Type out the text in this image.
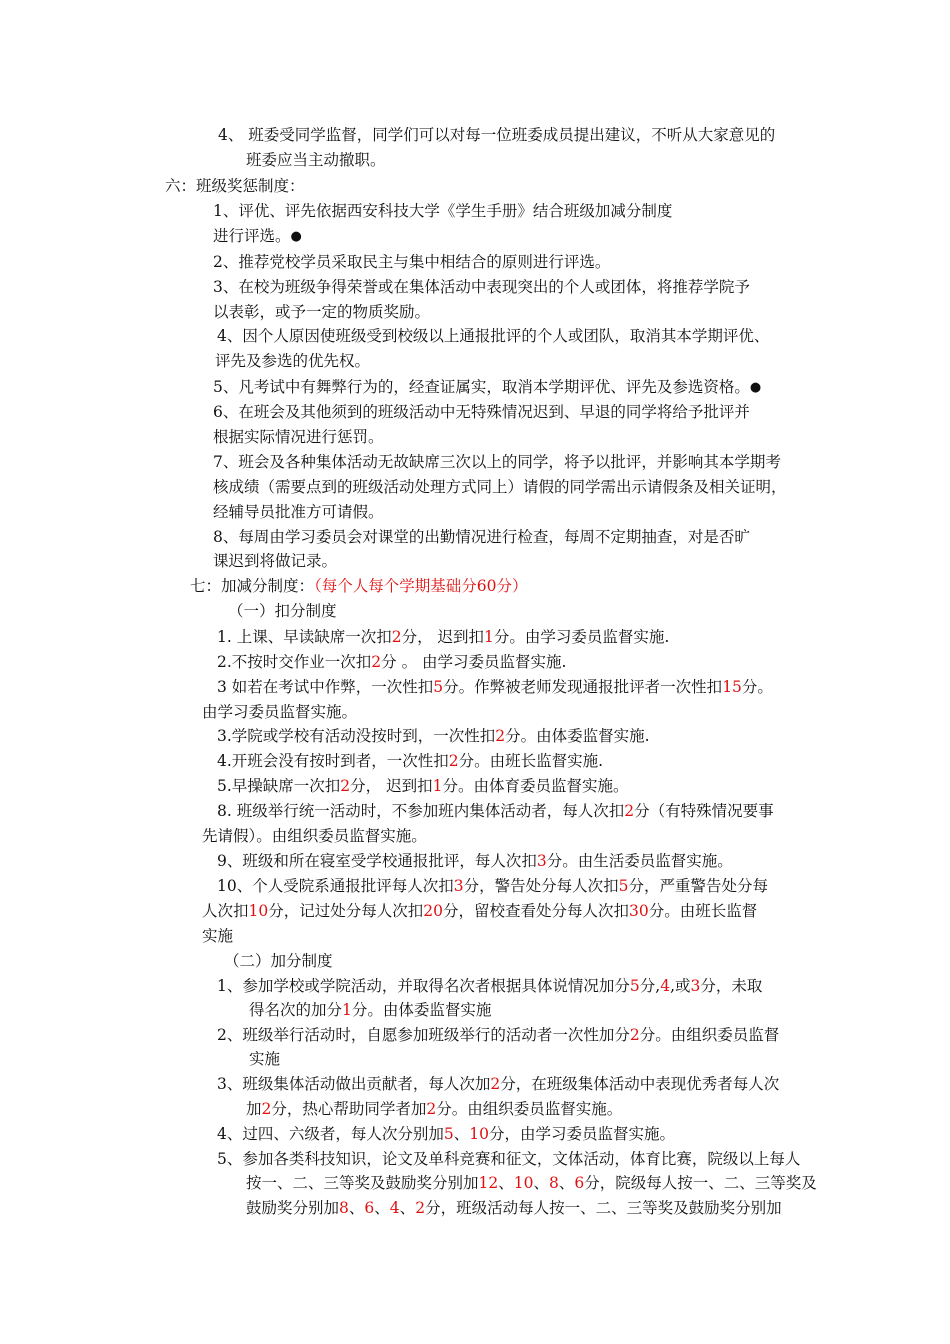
4、 班委受同学监督，同学们可以对每一位班委成员提出建议，不听从大家意见的
班委应当主动撤职。
六：班级奖惩制度：
1、评优、评先依据西安科技大学《学生手册》结合班级加减分制度
进行评选。●
2、推荐党校学员采取民主与集中相结合的原则进行评选。
3、在校为班级争得荣誉或在集体活动中表现突出的个人或团体，将推荐学院予
以表彰，或予一定的物质奖励。
4、因个人原因使班级受到校级以上通报批评的个人或团队，取消其本学期评优、
评先及参选的优先权。
5、凡考试中有舞弊行为的，经查证属实，取消本学期评优、评先及参选资格。●
6、在班会及其他须到的班级活动中无特殊情况迟到、早退的同学将给予批评并
根据实际情况进行惩罚。
7、班会及各种集体活动无故缺席三次以上的同学，将予以批评，并影响其本学期考
核成绩（需要点到的班级活动处理方式同上）请假的同学需出示请假条及相关证明，
经辅导员批准方可请假。
8、每周由学习委员会对课堂的出勤情况进行检查，每周不定期抽查，对是否旷
课迟到将做记录。
七：加减分制度：（每个人每个学期基础分60分）
（一）扣分制度
1. 上课、早读缺席一次扣2分， 迟到扣1分。由学习委员监督实施.
2.不按时交作业一次扣2分 。 由学习委员监督实施.
3 如若在考试中作弊，一次性扣5分。作弊被老师发现通报批评者一次性扣15分。
由学习委员监督实施。
3.学院或学校有活动没按时到，一次性扣2分。由体委监督实施.
4.开班会没有按时到者，一次性扣2分。由班长监督实施.
5.早操缺席一次扣2分， 迟到扣1分。由体育委员监督实施。
8. 班级举行统一活动时，不参加班内集体活动者，每人次扣2分（有特殊情况要事
先请假）。由组织委员监督实施。
9、班级和所在寝室受学校通报批评，每人次扣3分。由生活委员监督实施。
10、个人受院系通报批评每人次扣3分，警告处分每人次扣5分，严重警告处分每
人次扣10分，记过处分每人次扣20分，留校查看处分每人次扣30分。由班长监督
实施
（二）加分制度
1、参加学校或学院活动，并取得名次者根据具体说情况加分5分,4,或3分，未取
得名次的加分1分。由体委监督实施
2、班级举行活动时，自愿参加班级举行的活动者一次性加分2分。由组织委员监督
实施
3、班级集体活动做出贡献者，每人次加2分，在班级集体活动中表现优秀者每人次
加2分，热心帮助同学者加2分。由组织委员监督实施。
4、过四、六级者，每人次分别加5、10分，由学习委员监督实施。
5、参加各类科技知识，论文及单科竞赛和征文，文体活动，体育比赛，院级以上每人
按一、二、三等奖及鼓励奖分别加12、10、8、6分，院级每人按一、二、三等奖及
鼓励奖分别加8、6、4、2分，班级活动每人按一、二、三等奖及鼓励奖分别加
